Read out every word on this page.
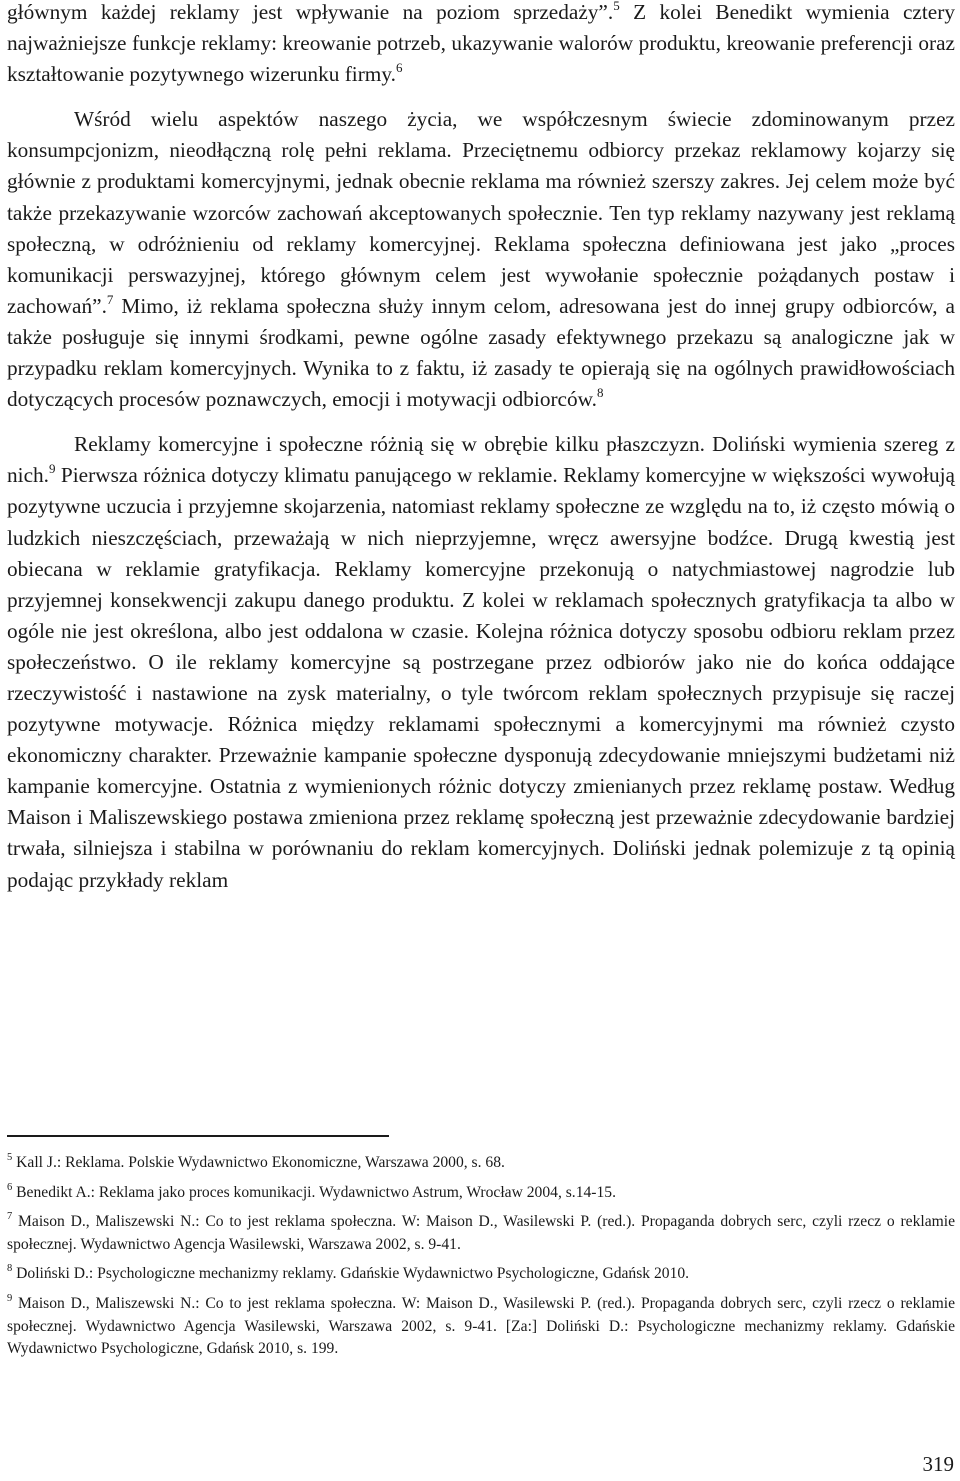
głównym każdej reklamy jest wpływanie na poziom sprzedaży”.$^5$ Z kolei Benedikt wymienia cztery najważniejsze funkcje reklamy: kreowanie potrzeb, ukazywanie walorów produktu, kreowanie preferencji oraz kształtowanie pozytywnego wizerunku firmy.$^6$

Wśród wielu aspektów naszego życia, we współczesnym świecie zdominowanym przez konsumpcjonizm, nieodłączną rolę pełni reklama. Przeciętnemu odbiorcy przekaz reklamowy kojarzy się głównie z produktami komercyjnymi, jednak obecnie reklama ma również szerszy zakres. Jej celem może być także przekazywanie wzorców zachowań akceptowanych społecznie. Ten typ reklamy nazywany jest reklamą społeczną, w odróżnieniu od reklamy komercyjnej. Reklama społeczna definiowana jest jako „proces komunikacji perswazyjnej, którego głównym celem jest wywołanie społecznie pożądanych postaw i zachowań”.$^7$ Mimo, iż reklama społeczna służy innym celom, adresowana jest do innej grupy odbiorców, a także posługuje się innymi środkami, pewne ogólne zasady efektywnego przekazu są analogiczne jak w przypadku reklam komercyjnych. Wynika to z faktu, iż zasady te opierają się na ogólnych prawidłowościach dotyczących procesów poznawczych, emocji i motywacji odbiorców.$^8$

Reklamy komercyjne i społeczne różnią się w obrębie kilku płaszczyzn. Doliński wymienia szereg z nich.$^9$ Pierwsza różnica dotyczy klimatu panującego w reklamie. Reklamy komercyjne w większości wywołują pozytywne uczucia i przyjemne skojarzenia, natomiast reklamy społeczne ze względu na to, iż często mówią o ludzkich nieszczęściach, przeważają w nich nieprzyjemne, wręcz awersyjne bodźce. Drugą kwestią jest obiecana w reklamie gratyfikacja. Reklamy komercyjne przekonują o natychmiastowej nagrodzie lub przyjemnej konsekwencji zakupu danego produktu. Z kolei w reklamach społecznych gratyfikacja ta albo w ogóle nie jest określona, albo jest oddalona w czasie. Kolejna różnica dotyczy sposobu odbioru reklam przez społeczeństwo. O ile reklamy komercyjne są postrzegane przez odbiorów jako nie do końca oddające rzeczywistość i nastawione na zysk materialny, o tyle twórcom reklam społecznych przypisuje się raczej pozytywne motywacje. Różnica między reklamami społecznymi a komercyjnymi ma również czysto ekonomiczny charakter. Przeważnie kampanie społeczne dysponują zdecydowanie mniejszymi budżetami niż kampanie komercyjne. Ostatnia z wymienionych różnic dotyczy zmienianych przez reklamę postaw. Według Maison i Maliszewskiego postawa zmieniona przez reklamę społeczną jest przeważnie zdecydowanie bardziej trwała, silniejsza i stabilna w porównaniu do reklam komercyjnych. Doliński jednak polemizuje z tą opinią podając przykłady reklam

$^5$ Kall J.: Reklama. Polskie Wydawnictwo Ekonomiczne, Warszawa 2000, s. 68.

$^6$ Benedikt A.: Reklama jako proces komunikacji. Wydawnictwo Astrum, Wrocław 2004, s.14-15.

$^7$ Maison D., Maliszewski N.: Co to jest reklama społeczna. W: Maison D., Wasilewski P. (red.). Propaganda dobrych serc, czyli rzecz o reklamie społecznej. Wydawnictwo Agencja Wasilewski, Warszawa 2002, s. 9-41.

$^8$ Doliński D.: Psychologiczne mechanizmy reklamy. Gdańskie Wydawnictwo Psychologiczne, Gdańsk 2010.

$^9$ Maison D., Maliszewski N.: Co to jest reklama społeczna. W: Maison D., Wasilewski P. (red.). Propaganda dobrych serc, czyli rzecz o reklamie społecznej. Wydawnictwo Agencja Wasilewski, Warszawa 2002, s. 9-41. [Za:] Doliński D.: Psychologiczne mechanizmy reklamy. Gdańskie Wydawnictwo Psychologiczne, Gdańsk 2010, s. 199.

319
